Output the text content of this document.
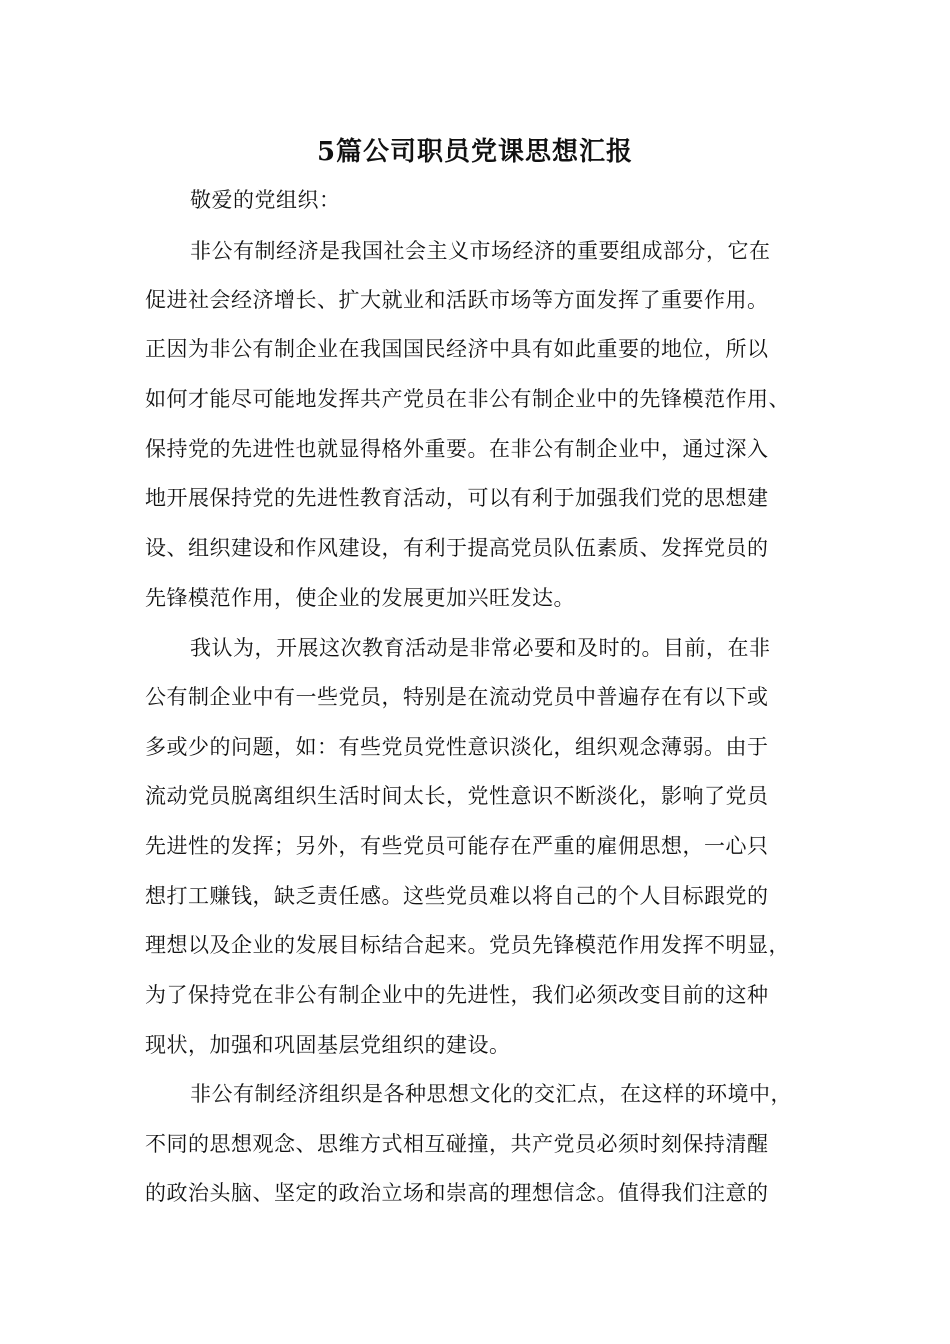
5篇公司职员党课思想汇报
敬爱的党组织：
非公有制经济是我国社会主义市场经济的重要组成部分，它在
促进社会经济增长、扩大就业和活跃市场等方面发挥了重要作用。
正因为非公有制企业在我国国民经济中具有如此重要的地位，所以
如何才能尽可能地发挥共产党员在非公有制企业中的先锋模范作用、
保持党的先进性也就显得格外重要。在非公有制企业中，通过深入
地开展保持党的先进性教育活动，可以有利于加强我们党的思想建
设、组织建设和作风建设，有利于提高党员队伍素质、发挥党员的
先锋模范作用，使企业的发展更加兴旺发达。
我认为，开展这次教育活动是非常必要和及时的。目前，在非
公有制企业中有一些党员，特别是在流动党员中普遍存在有以下或
多或少的问题，如：有些党员党性意识淡化，组织观念薄弱。由于
流动党员脱离组织生活时间太长，党性意识不断淡化，影响了党员
先进性的发挥；另外，有些党员可能存在严重的雇佣思想，一心只
想打工赚钱，缺乏责任感。这些党员难以将自己的个人目标跟党的
理想以及企业的发展目标结合起来。党员先锋模范作用发挥不明显，
为了保持党在非公有制企业中的先进性，我们必须改变目前的这种
现状，加强和巩固基层党组织的建设。
非公有制经济组织是各种思想文化的交汇点，在这样的环境中，
不同的思想观念、思维方式相互碰撞，共产党员必须时刻保持清醒
的政治头脑、坚定的政治立场和崇高的理想信念。值得我们注意的
